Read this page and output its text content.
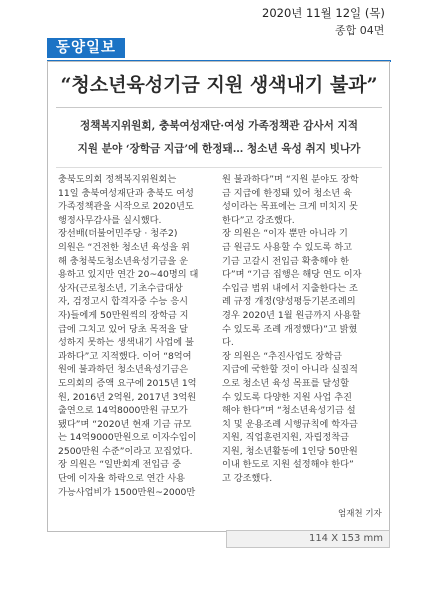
2020년 11월 12일 (목)
종합 04면
동양일보
“청소년육성기금 지원 생색내기 불과”
정책복지위원회, 충북여성재단·여성 가족정책관 감사서 지적
지원 분야 ‘장학금 지급’에 한정돼… 청소년 육성 취지 빗나가
충북도의회 정책복지위원회는
11일 충북여성재단과 충북도 여성
가족정책관을 시작으로 2020년도
행정사무감사를 실시했다.
장선배(더불어민주당 · 청주2)
의원은 “건전한 청소년 육성을 위
해 충청북도청소년육성기금을 운
용하고 있지만 연간 20~40명의 대
상자(근로청소년, 기초수급대상
자, 검정고시 합격자중 수능 응시
자)들에게 50만원씩의 장학금 지
급에 그치고 있어 당초 목적을 달
성하지 못하는 생색내기 사업에 불
과하다”고 지적했다. 이어 “8억여
원에 불과하던 청소년육성기금은
도의회의 증액 요구에 2015년 1억
원, 2016년 2억원, 2017년 3억원
출연으로 14억8000만원 규모가
됐다”며 “2020년 현재 기금 규모
는 14억9000만원으로 이자수입이
2500만원 수준”이라고 꼬집었다.
장 의원은 “일반회계 전입금 중
단에 이자율 하락으로 연간 사용
가능사업비가 1500만원~2000만
원 불과하다”며 “지원 분야도 장학
금 지급에 한정돼 있어 청소년 육
성이라는 목표에는 크게 미치지 못
한다”고 강조했다.
장 의원은 “이자 뿐만 아니라 기
금 원금도 사용할 수 있도록 하고
기금 고갈시 전입금 확충해야 한
다”며 “기금 집행은 해당 연도 이자
수입금 범위 내에서 지출한다는 조
례 규정 개정(양성평등기본조례의
경우 2020년 1월 원금까지 사용할
수 있도록 조례 개정했다)”고 밝혔
다.
장 의원은 “추진사업도 장학금
지급에 국한할 것이 아니라 실질적
으로 청소년 육성 목표를 달성할
수 있도록 다양한 지원 사업 추진
해야 한다”며 “청소년육성기금 설
치 및 운용조례 시행규칙에 학자금
지원, 직업훈련지원, 자립정착금
지원, 청소년활동에 1인당 50만원
이내 한도로 지원 설정해야 한다”
고 강조했다.
엄재천 기자
114 X 153 mm
